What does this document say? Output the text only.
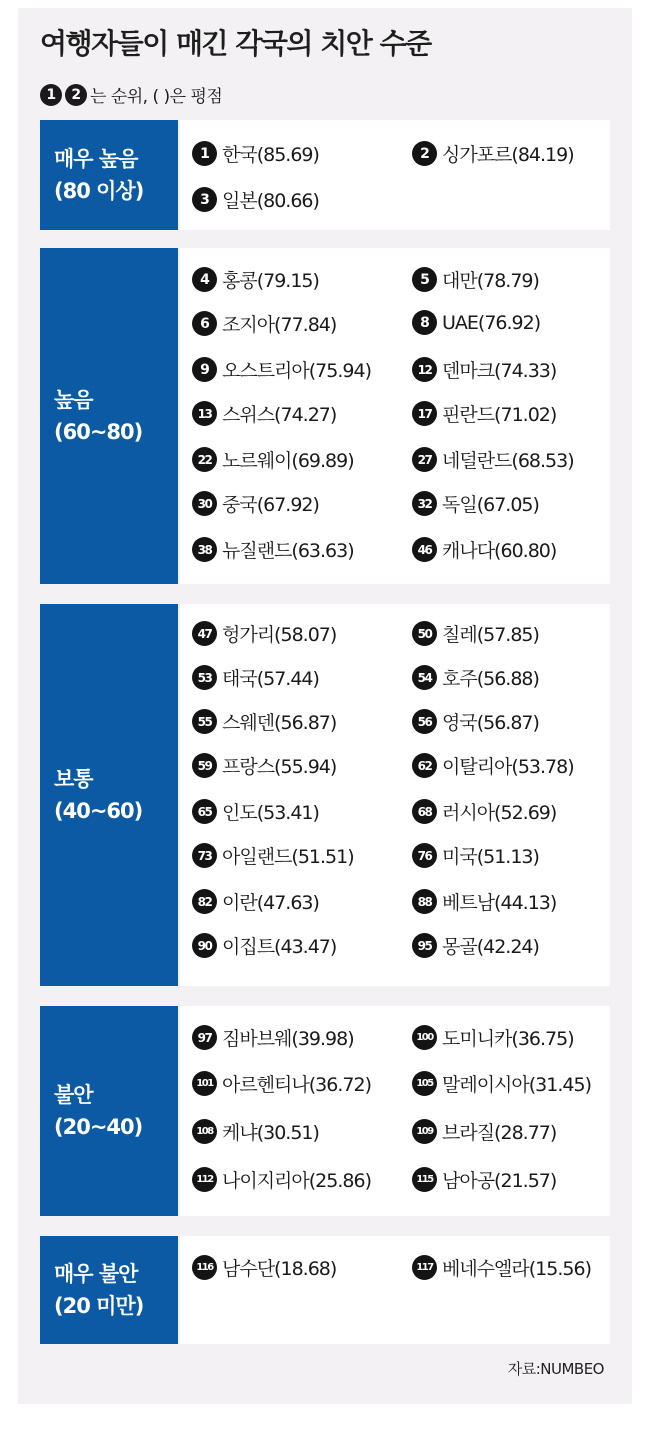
여행자들이 매긴 각국의 치안 수준
1	2 는 순위, ( )은 평점
매우 높음
(80 이상)
1 한국(85.69)	2 싱가포르(84.19)
3 일본(80.66)
높음
(60~80)
4 홍콩(79.15)	5 대만(78.79)
6 조지아(77.84)	8 UAE(76.92)
9 오스트리아(75.94)	12 덴마크(74.33)
13 스위스(74.27)	17 핀란드(71.02)
22 노르웨이(69.89)	27 네덜란드(68.53)
30 중국(67.92)	32 독일(67.05)
38 뉴질랜드(63.63)	46 캐나다(60.80)
보통
(40~60)
47 헝가리(58.07)	50 칠레(57.85)
53 태국(57.44)	54 호주(56.88)
55 스웨덴(56.87)	56 영국(56.87)
59 프랑스(55.94)	62 이탈리아(53.78)
65 인도(53.41)	68 러시아(52.69)
73 아일랜드(51.51)	76 미국(51.13)
82 이란(47.63)	88 베트남(44.13)
90 이집트(43.47)	95 몽골(42.24)
불안
(20~40)
97 짐바브웨(39.98)	100 도미니카(36.75)
101 아르헨티나(36.72)	105 말레이시아(31.45)
108 케냐(30.51)	109 브라질(28.77)
112 나이지리아(25.86)	115 남아공(21.57)
매우 불안
(20 미만)
116 남수단(18.68)	117 베네수엘라(15.56)
자료:NUMBEO
